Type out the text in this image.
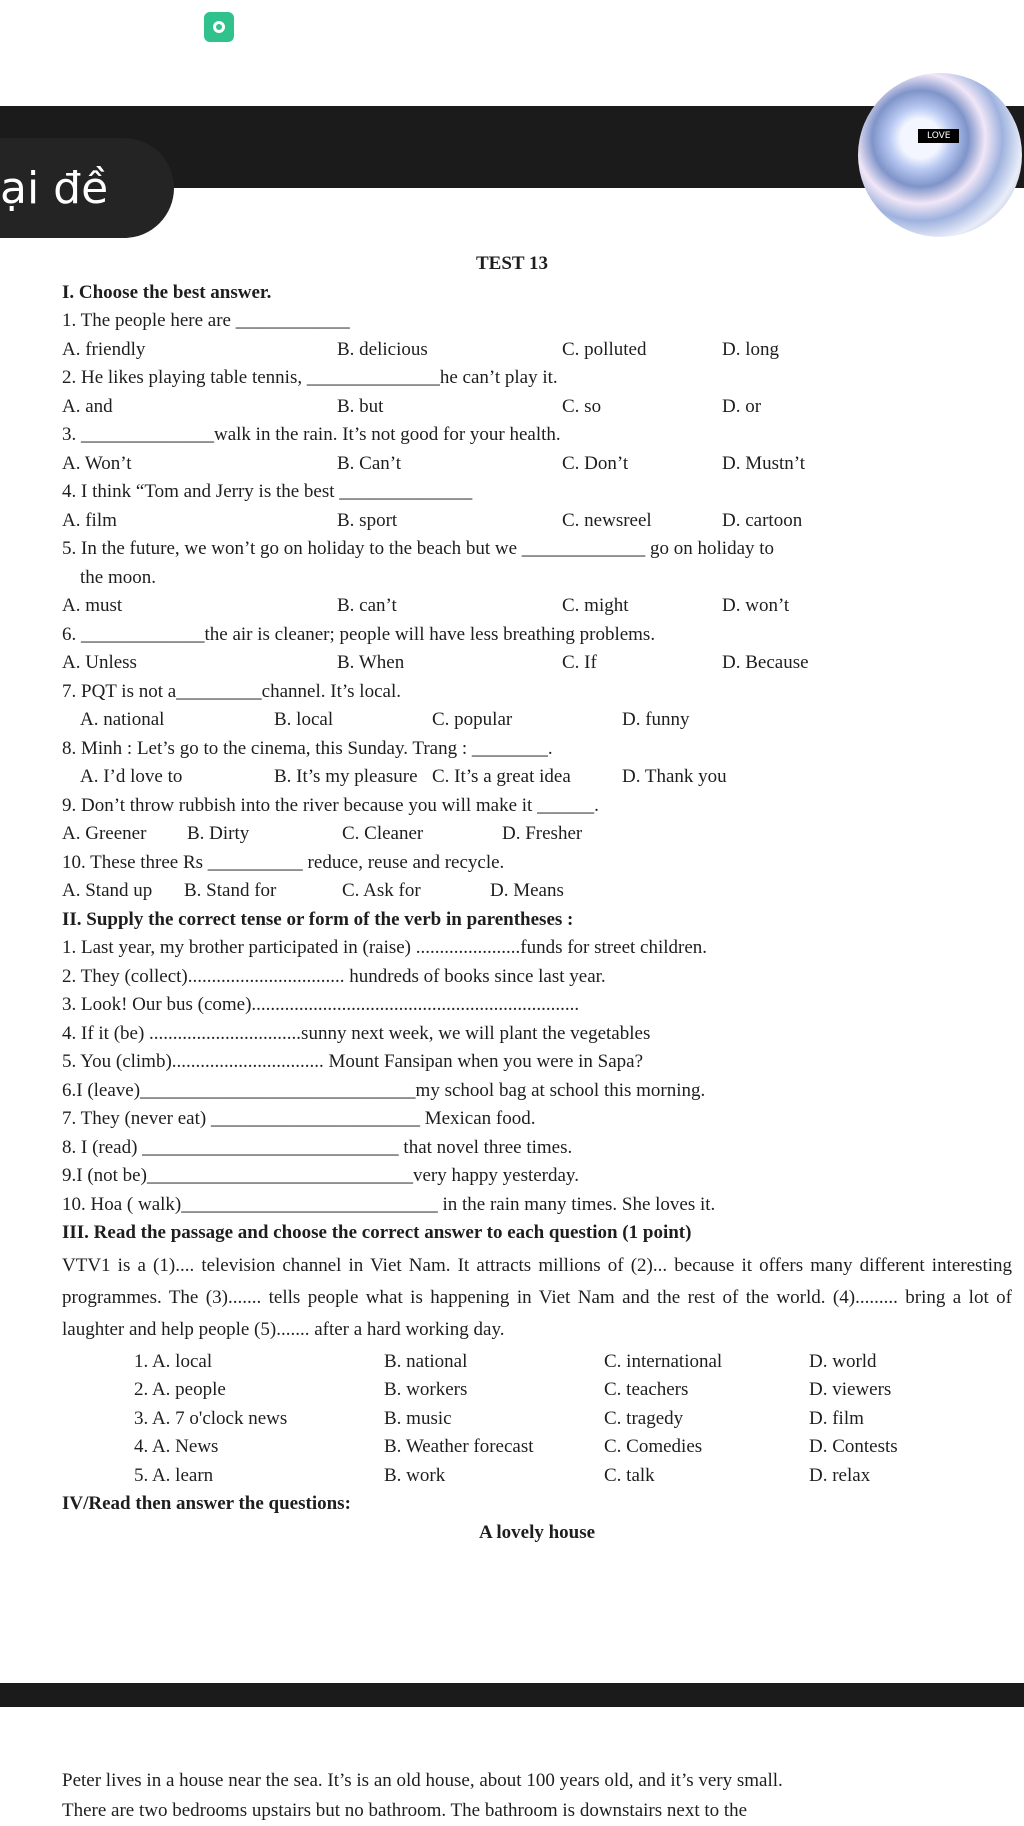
ại đề
LOVE
TEST 13
I. Choose the best answer.
1. The people here are ____________
A. friendly	B. delicious	C. polluted	D. long
2. He likes playing table tennis, ______________he can’t play it.
A. and	B. but	C. so	D. or
3. ______________walk in the rain. It’s not good for your health.
A. Won’t	B. Can’t	C. Don’t	D. Mustn’t
4. I think “Tom and Jerry is the best ______________
A. film	B. sport	C. newsreel	D. cartoon
5. In the future, we won’t go on holiday to the beach but we _____________ go on holiday to
the moon.
A. must	B. can’t	C. might	D. won’t
6. _____________the air is cleaner; people will have less breathing problems.
A. Unless	B. When	C. If	D. Because
7. PQT is not a_________channel. It’s local.
A. national	B. local	C. popular	D. funny
8. Minh : Let’s go to the cinema, this Sunday. Trang : ________.
A. I’d love to	B. It’s my pleasure C. It’s a great idea	D. Thank you
9. Don’t throw rubbish into the river because you will make it ______.
A. Greener B. Dirty	C. Cleaner	D. Fresher
10. These three Rs __________ reduce, reuse and recycle.
A. Stand up B. Stand for	C. Ask for	D. Means
II. Supply the correct tense or form of the verb in parentheses :
1. Last year, my brother participated in (raise) ......................funds for street children.
2. They (collect)................................. hundreds of books since last year.
3. Look! Our bus (come).....................................................................
4. If it (be) ................................sunny next week, we will plant the vegetables
5. You (climb)................................ Mount Fansipan when you were in Sapa?
6.I (leave)_____________________________my school bag at school this morning.
7. They (never eat) ______________________ Mexican food.
8. I (read) ___________________________ that novel three times.
9.I (not be)____________________________very happy yesterday.
10. Hoa ( walk)___________________________ in the rain many times. She loves it.
III. Read the passage and choose the correct answer to each question (1 point)
VTV1 is a (1).... television channel in Viet Nam. It attracts millions of (2)... because it offers many different interesting programmes. The (3)....... tells people what is happening in Viet Nam and the rest of the world. (4)......... bring a lot of laughter and help people (5)....... after a hard working day.
1. A. local	B. national	C. international	D. world
2. A. people	B. workers	C. teachers	D. viewers
3. A. 7 o'clock news	B. music	C. tragedy	D. film
4. A. News	B. Weather forecast	C. Comedies	D. Contests
5. A. learn	B. work	C. talk	D. relax
IV/Read then answer the questions:
A lovely house
Peter lives in a house near the sea. It’s is an old house, about 100 years old, and it’s very small.
There are two bedrooms upstairs but no bathroom. The bathroom is downstairs next to the
